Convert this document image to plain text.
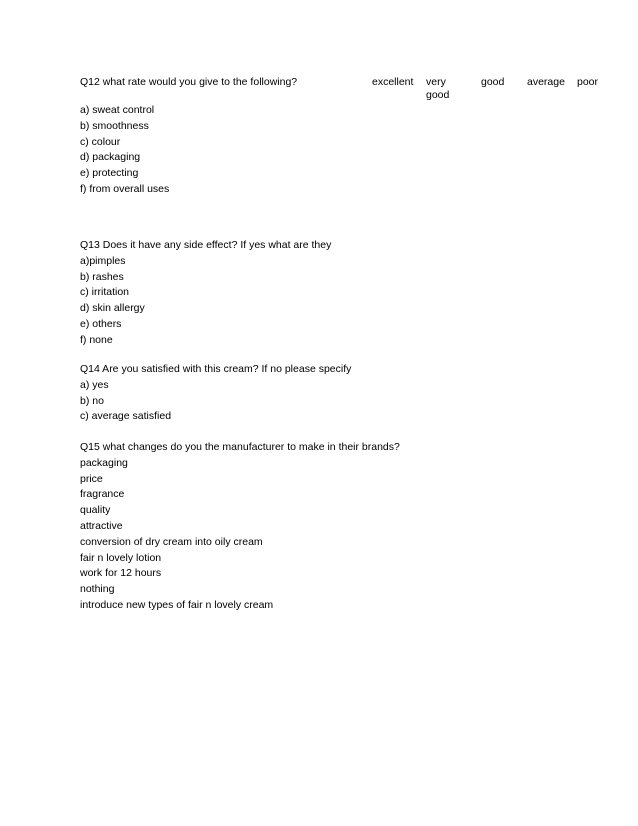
Q12 what rate would you give to the following?	excellent very good
good average poor
a) sweat control
b) smoothness
c) colour
d) packaging
e) protecting
f) from overall uses
Q13 Does it have any side effect? If yes what are they
a)pimples
b) rashes
c) irritation
d) skin allergy
e) others
f) none
Q14 Are you satisfied with this cream? If no please specify
a) yes
b) no
c) average satisfied
Q15 what changes do you the manufacturer to make in their brands?
packaging
price
fragrance
quality
attractive
conversion of dry cream into oily cream
fair n lovely lotion
work for 12 hours
nothing
introduce new types of fair n lovely cream
